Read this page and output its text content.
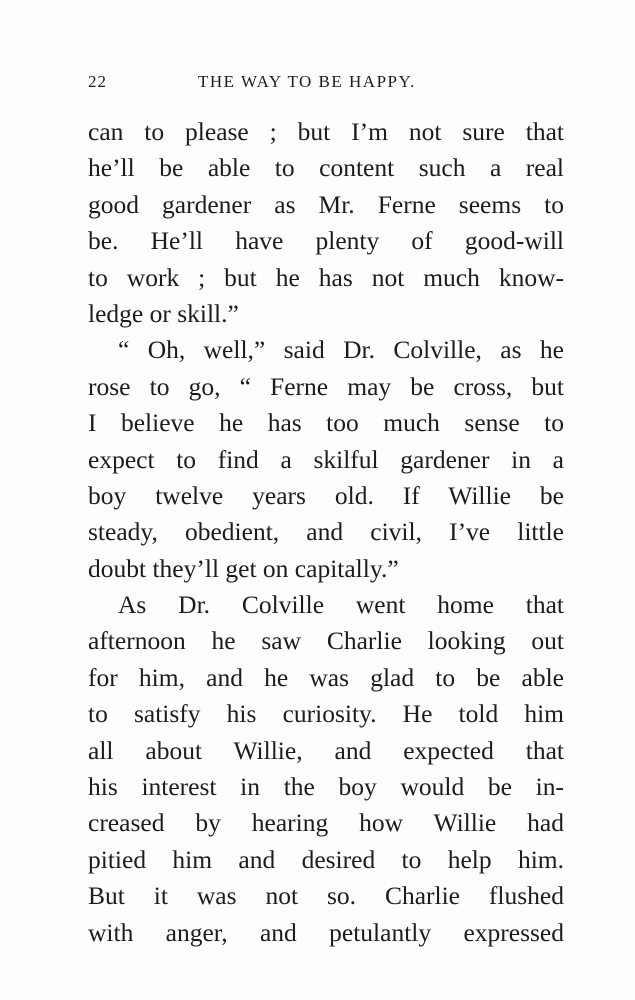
22	THE WAY TO BE HAPPY.
can to please ; but I’m not sure that
he’ll be able to content such a real
good gardener as Mr. Ferne seems to
be. He’ll have plenty of good-will
to work ; but he has not much know-
ledge or skill.”
“ Oh, well,” said Dr. Colville, as he
rose to go, “ Ferne may be cross, but
I believe he has too much sense to
expect to find a skilful gardener in a
boy twelve years old. If Willie be
steady, obedient, and civil, I’ve little
doubt they’ll get on capitally.”
As Dr. Colville went home that
afternoon he saw Charlie looking out
for him, and he was glad to be able
to satisfy his curiosity. He told him
all about Willie, and expected that
his interest in the boy would be in-
creased by hearing how Willie had
pitied him and desired to help him.
But it was not so. Charlie flushed
with anger, and petulantly expressed
